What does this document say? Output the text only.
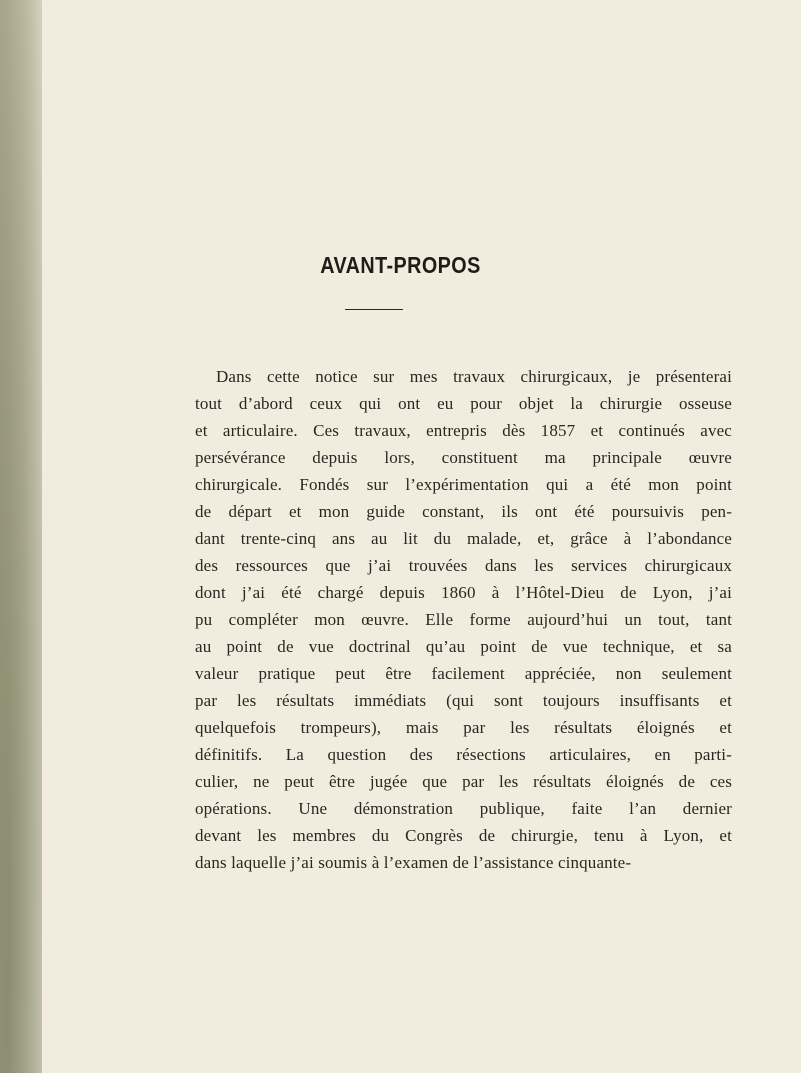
AVANT-PROPOS
Dans cette notice sur mes travaux chirurgicaux, je présenterai
tout d’abord ceux qui ont eu pour objet la chirurgie osseuse
et articulaire. Ces travaux, entrepris dès 1857 et continués avec
persévérance depuis lors, constituent ma principale œuvre
chirurgicale. Fondés sur l’expérimentation qui a été mon point
de départ et mon guide constant, ils ont été poursuivis pen-
dant trente-cinq ans au lit du malade, et, grâce à l’abondance
des ressources que j’ai trouvées dans les services chirurgicaux
dont j’ai été chargé depuis 1860 à l’Hôtel-Dieu de Lyon, j’ai
pu compléter mon œuvre. Elle forme aujourd’hui un tout, tant
au point de vue doctrinal qu’au point de vue technique, et sa
valeur pratique peut être facilement appréciée, non seulement
par les résultats immédiats (qui sont toujours insuffisants et
quelquefois trompeurs), mais par les résultats éloignés et
définitifs. La question des résections articulaires, en parti-
culier, ne peut être jugée que par les résultats éloignés de ces
opérations. Une démonstration publique, faite l’an dernier
devant les membres du Congrès de chirurgie, tenu à Lyon, et
dans laquelle j’ai soumis à l’examen de l’assistance cinquante-
